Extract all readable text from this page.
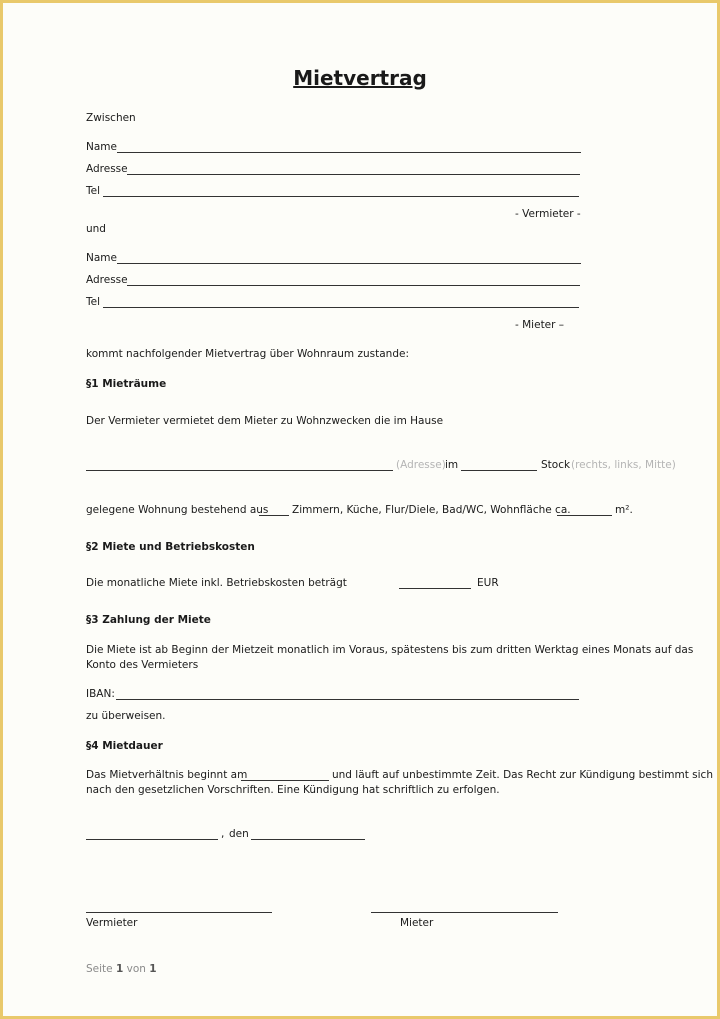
Mietvertrag
Zwischen
Name
Adresse
Tel
- Vermieter -
und
Name
Adresse
Tel
- Mieter –
kommt nachfolgender Mietvertrag über Wohnraum zustande:
§1 Mieträume
Der Vermieter vermietet dem Mieter zu Wohnzwecken die im Hause
(Adresse) im	Stock (rechts, links, Mitte)
gelegene Wohnung bestehend aus Zimmern, Küche, Flur/Diele, Bad/WC, Wohnfläche ca.	m².
§2 Miete und Betriebskosten
Die monatliche Miete inkl. Betriebskosten beträgt	EUR
§3 Zahlung der Miete
Die Miete ist ab Beginn der Mietzeit monatlich im Voraus, spätestens bis zum dritten Werktag eines Monats auf das
Konto des Vermieters
IBAN:
zu überweisen.
§4 Mietdauer
Das Mietverhältnis beginnt am	und läuft auf unbestimmte Zeit. Das Recht zur Kündigung bestimmt sich
nach den gesetzlichen Vorschriften. Eine Kündigung hat schriftlich zu erfolgen.
, den
Vermieter	Mieter
Seite 1 von 1
